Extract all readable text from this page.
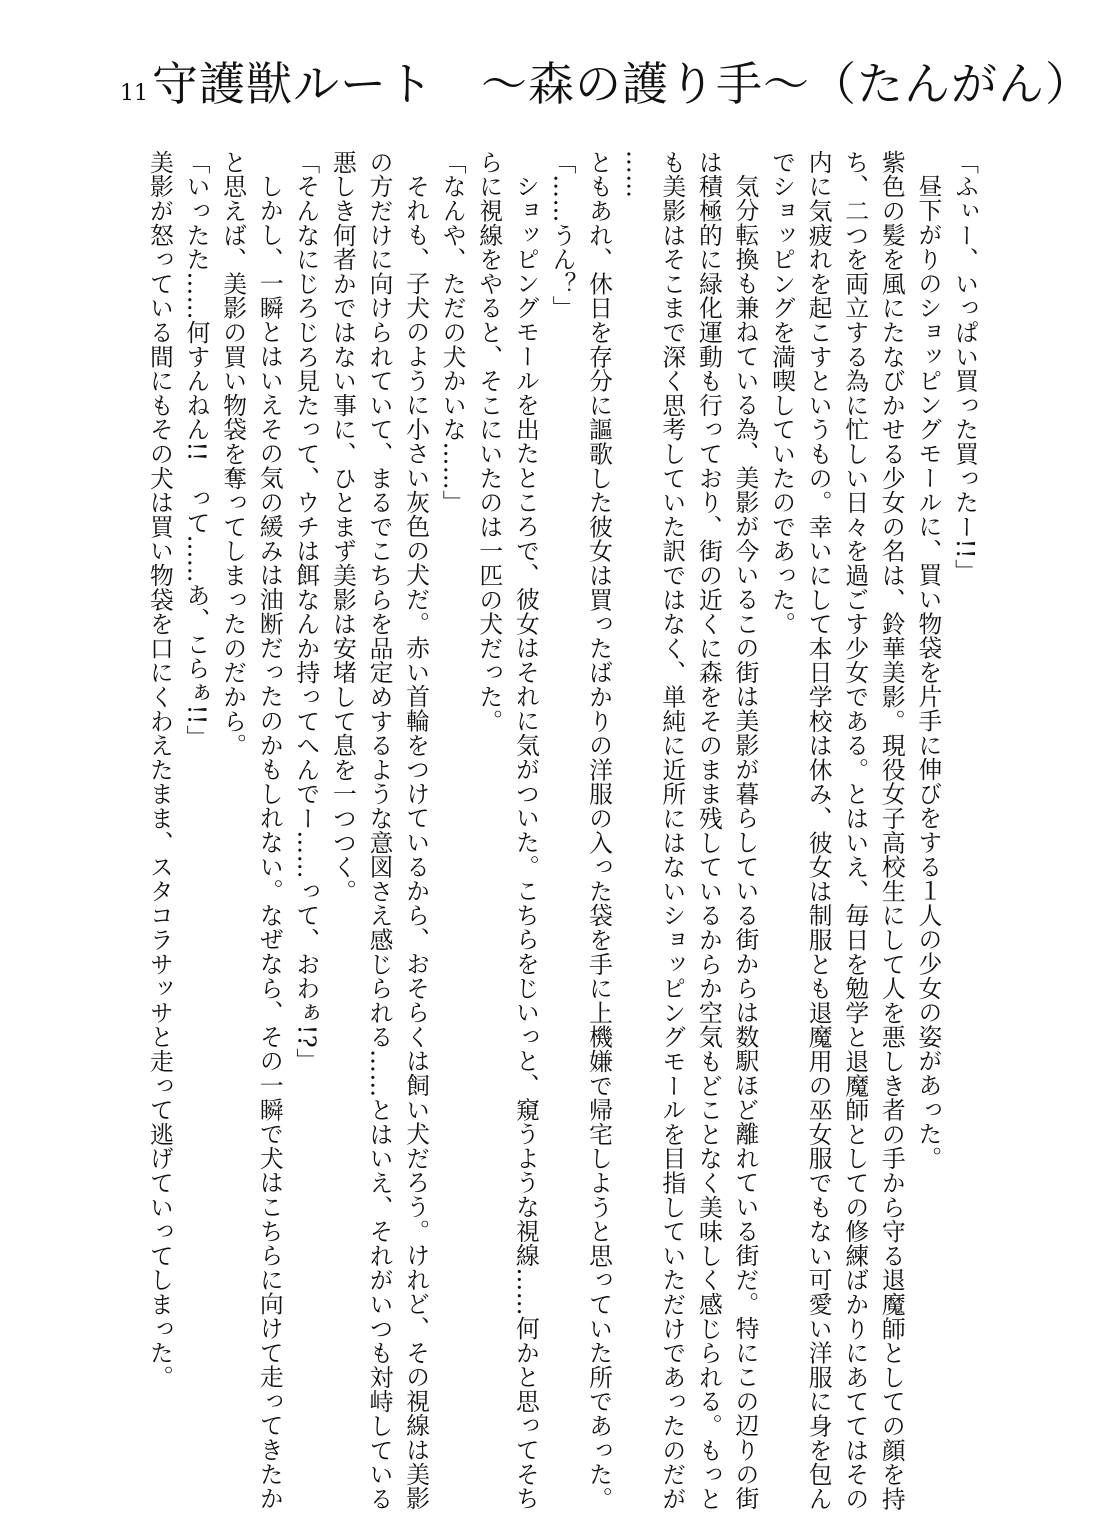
11 守護獣ルート　～森の護り手～（たんがん）
「ふぃー、いっぱい買った買ったー!!」
昼下がりのショッピングモールに、買い物袋を片手に伸びをする１人の少女の姿があった。
紫色の髪を風にたなびかせる少女の名は、鈴華美影。現役女子高校生にして人を悪しき者の手から守る退魔師としての顔を持
ち、二つを両立する為に忙しい日々を過ごす少女である。とはいえ、毎日を勉学と退魔師としての修練ばかりにあててはその
内に気疲れを起こすというもの。幸いにして本日学校は休み、彼女は制服とも退魔用の巫女服でもない可愛い洋服に身を包ん
でショッピングを満喫していたのであった。
気分転換も兼ねている為、美影が今いるこの街は美影が暮らしている街からは数駅ほど離れている街だ。特にこの辺りの街
は積極的に緑化運動も行っており、街の近くに森をそのまま残しているからか空気もどことなく美味しく感じられる。もっと
も美影はそこまで深く思考していた訳ではなく、単純に近所にはないショッピングモールを目指していただけであったのだが
……
ともあれ、休日を存分に謳歌した彼女は買ったばかりの洋服の入った袋を手に上機嫌で帰宅しようと思っていた所であった。
「……うん？」
ショッピングモールを出たところで、彼女はそれに気がついた。こちらをじいっと、窺うような視線……何かと思ってそち
らに視線をやると、そこにいたのは一匹の犬だった。
「なんや、ただの犬かいな……」
それも、子犬のように小さい灰色の犬だ。赤い首輪をつけているから、おそらくは飼い犬だろう。けれど、その視線は美影
の方だけに向けられていて、まるでこちらを品定めするような意図さえ感じられる……とはいえ、それがいつも対峙している
悪しき何者かではない事に、ひとまず美影は安堵して息を一つつく。
「そんなにじろじろ見たって、ウチは餌なんか持ってへんでー……って、おわぁ!?」
しかし、一瞬とはいえその気の緩みは油断だったのかもしれない。なぜなら、その一瞬で犬はこちらに向けて走ってきたか
と思えば、美影の買い物袋を奪ってしまったのだから。
「いったた……何すんねん!!　って……あ、こらぁ!!」
美影が怒っている間にもその犬は買い物袋を口にくわえたまま、スタコラサッサと走って逃げていってしまった。
